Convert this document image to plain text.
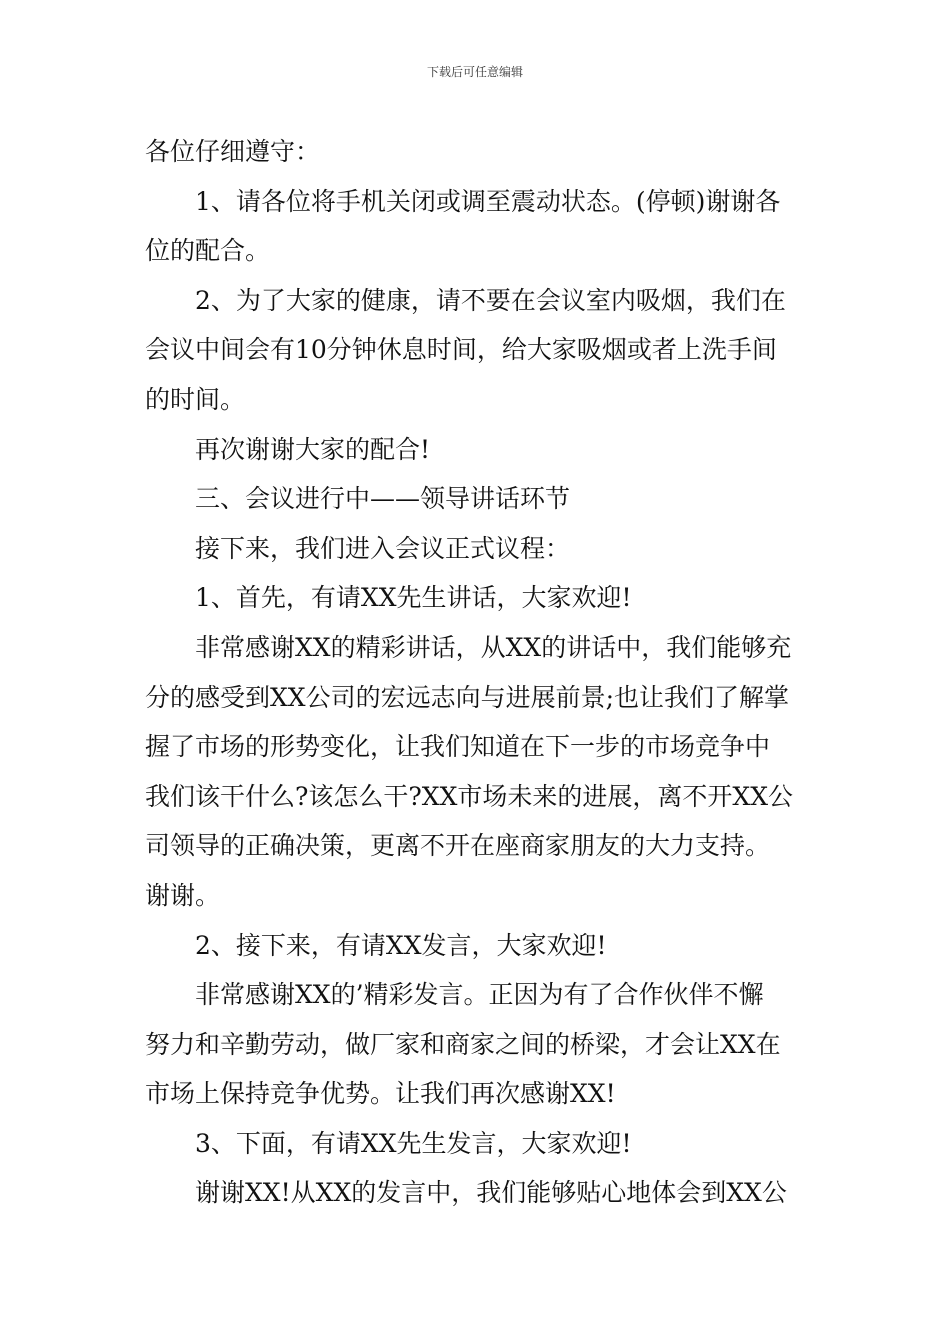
下载后可任意编辑
各位仔细遵守：
1、请各位将手机关闭或调至震动状态。(停顿)谢谢各
位的配合。
2、为了大家的健康，请不要在会议室内吸烟，我们在
会议中间会有10分钟休息时间，给大家吸烟或者上洗手间
的时间。
再次谢谢大家的配合!
三、会议进行中——领导讲话环节
接下来，我们进入会议正式议程：
1、首先，有请XX先生讲话，大家欢迎!
非常感谢XX的精彩讲话，从XX的讲话中，我们能够充
分的感受到XX公司的宏远志向与进展前景;也让我们了解掌
握了市场的形势变化，让我们知道在下一步的市场竞争中
我们该干什么?该怎么干?XX市场未来的进展，离不开XX公
司领导的正确决策，更离不开在座商家朋友的大力支持。
谢谢。
2、接下来，有请XX发言，大家欢迎!
非常感谢XX的’精彩发言。正因为有了合作伙伴不懈
努力和辛勤劳动，做厂家和商家之间的桥梁，才会让XX在
市场上保持竞争优势。让我们再次感谢XX!
3、下面，有请XX先生发言，大家欢迎!
谢谢XX!从XX的发言中，我们能够贴心地体会到XX公
